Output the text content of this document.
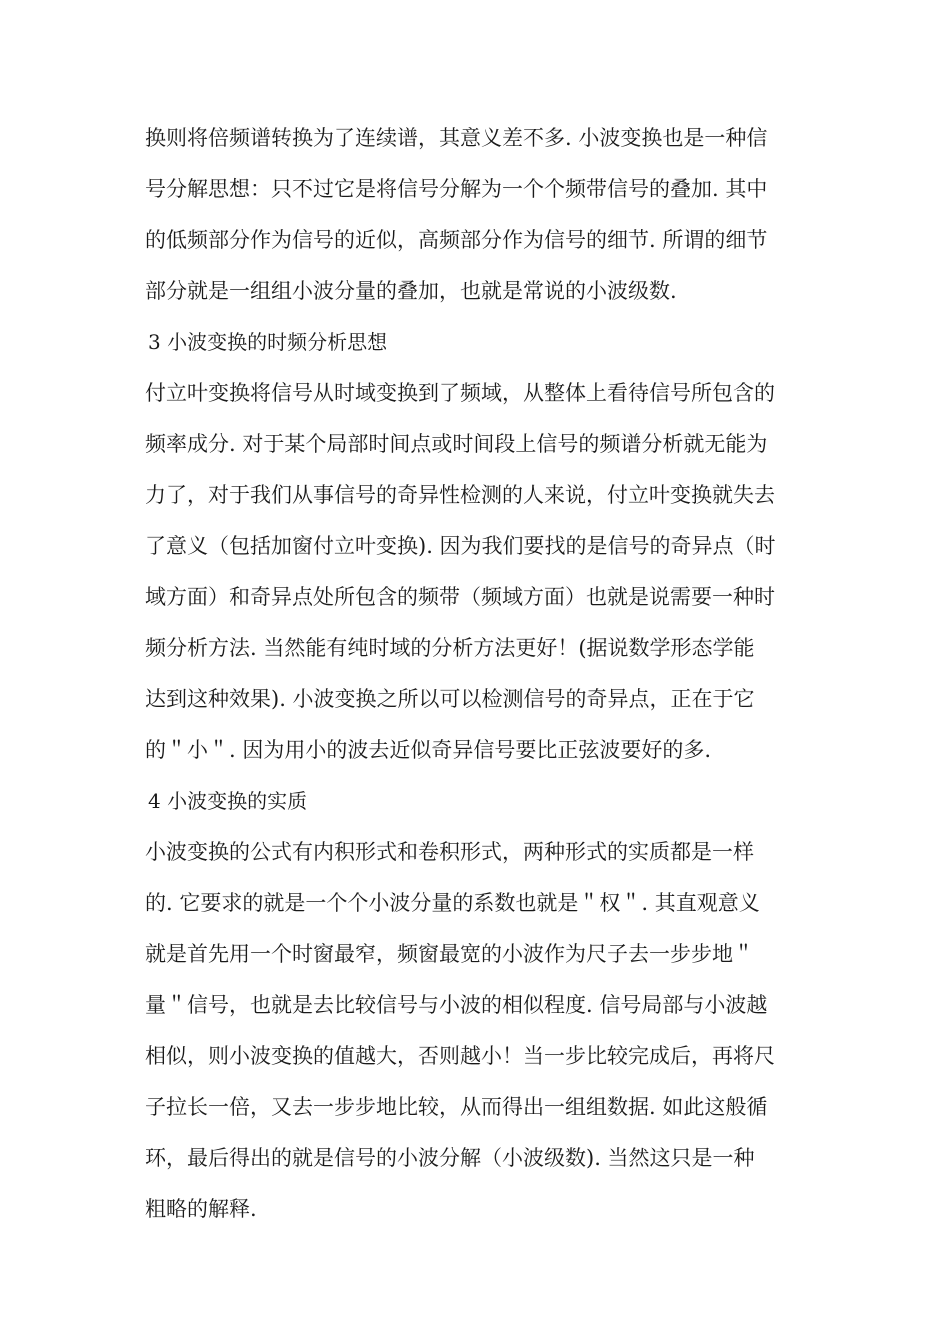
换则将倍频谱转换为了连续谱，其意义差不多. 小波变换也是一种信
号分解思想：只不过它是将信号分解为一个个频带信号的叠加. 其中
的低频部分作为信号的近似，高频部分作为信号的细节. 所谓的细节
部分就是一组组小波分量的叠加，也就是常说的小波级数.
3 小波变换的时频分析思想
付立叶变换将信号从时域变换到了频域，从整体上看待信号所包含的
频率成分. 对于某个局部时间点或时间段上信号的频谱分析就无能为
力了，对于我们从事信号的奇异性检测的人来说，付立叶变换就失去
了意义（包括加窗付立叶变换). 因为我们要找的是信号的奇异点（时
域方面）和奇异点处所包含的频带（频域方面）也就是说需要一种时
频分析方法. 当然能有纯时域的分析方法更好！(据说数学形态学能
达到这种效果). 小波变换之所以可以检测信号的奇异点，正在于它
的＂小＂. 因为用小的波去近似奇异信号要比正弦波要好的多.
4 小波变换的实质
小波变换的公式有内积形式和卷积形式，两种形式的实质都是一样
的. 它要求的就是一个个小波分量的系数也就是＂权＂. 其直观意义
就是首先用一个时窗最窄，频窗最宽的小波作为尺子去一步步地＂
量＂信号，也就是去比较信号与小波的相似程度. 信号局部与小波越
相似，则小波变换的值越大，否则越小！当一步比较完成后，再将尺
子拉长一倍，又去一步步地比较，从而得出一组组数据. 如此这般循
环，最后得出的就是信号的小波分解（小波级数). 当然这只是一种
粗略的解释.
